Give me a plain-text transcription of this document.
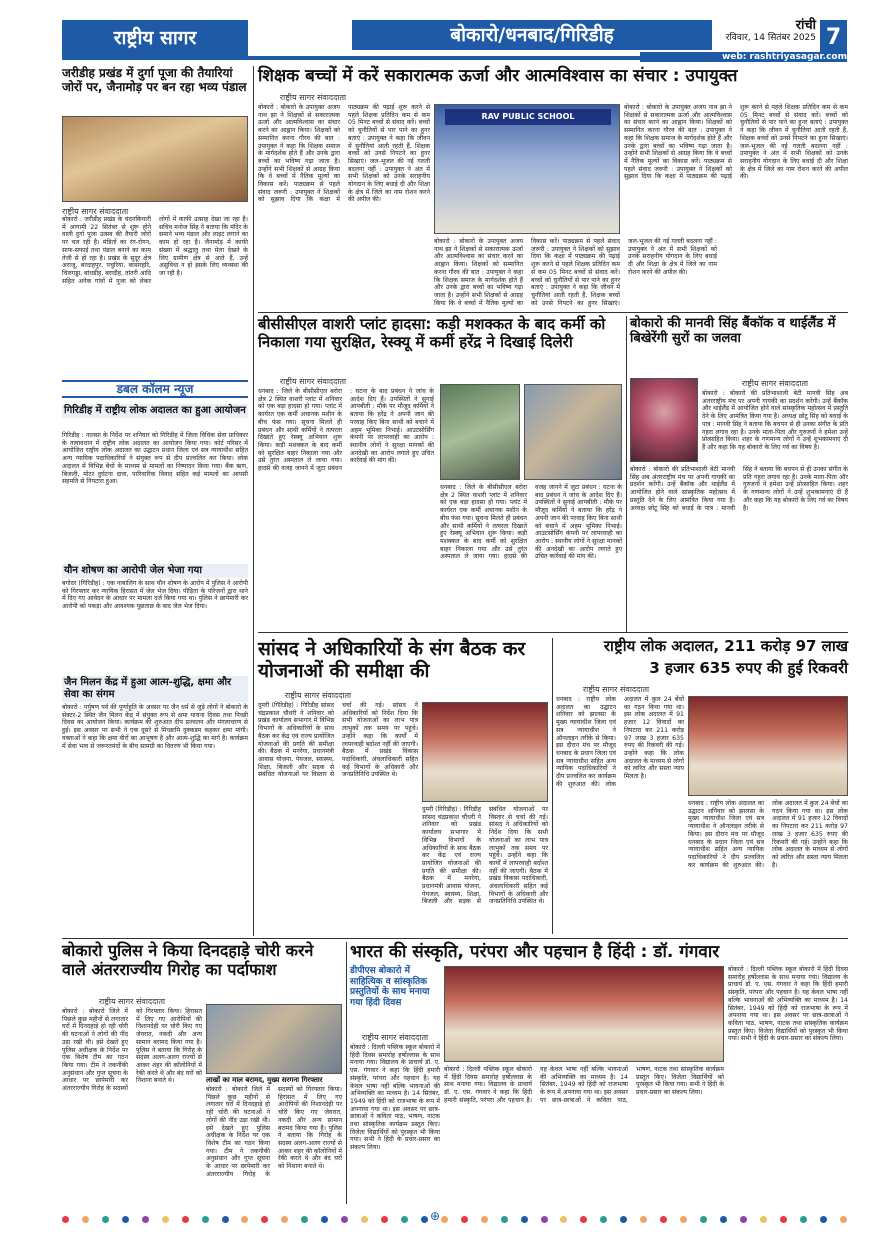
राष्ट्रीय सागर	बोकारो/धनबाद/गिरिडीह	रांची
रविवार, 14 सितंबर 2025 7
web: rashtriyasagar.com
जरीडीह प्रखंड में दुर्गा पूजा की तैयारियां जोरों पर, जैनामोड़ पर बन रहा भव्य पंडाल
राष्ट्रीय सागर संवाददाता
बोकारो : जरीडीह प्रखंड के चंदनकियारी में आगामी 22 सितंबर से शुरू होने वाली दुर्गा पूजा उत्सव की तैयारी जोरों पर चल रही है। मंडितों का रंग-रोगन, साफ-सफाई तथा पंडाल बनाने का काम तेजी से हो रहा है। प्रखंड के सुदूर क्षेत्र अराजू, बरदाहपुर, पचुरिया, कासरहरि, चिलगड्डा, बांधडीह, बरादीह, तांतरी आदि सहित अनेक गांवों में पूजा को लेकर लोगों में काफी उत्साह देखा जा रहा है। सचिव मनोज सिंह ने बताया कि मंदिर के समाने भव्य पंडाल और लाइट लगाने का काम हो रहा है। जैनामोड़ में काफी संख्या में श्रद्धालु तथा मेला देखने के लिए ग्रामीण क्षेत्र से आते हैं, उन्हें असुविधा न हो इसके लिए व्यवस्था की जा रही है।
डबल कॉलम न्यूज
गिरिडीह में राष्ट्रीय लोक अदालत का हुआ आयोजन
गिरिडीह : नालसा के निर्देश पर शनिवार को गिरिडीह में जिला विधिक सेवा प्राधिकार के तत्वावधान में राष्ट्रीय लोक अदालत का आयोजन किया गया। कोर्ट परिसर में आयोजित राष्ट्रीय लोक अदालत का उद्घाटन प्रधान जिला एवं सत्र न्यायाधीश सहित अन्य न्यायिक पदाधिकारियों ने संयुक्त रूप से दीप प्रज्वलित कर किया। लोक अदालत में विभिन्न बेंचों के माध्यम से मामलों का निष्पादन किया गया। बैंक ऋण, बिजली, मोटर दुर्घटना दावा, पारिवारिक विवाद सहित कई मामलों का आपसी सहमति से निपटारा हुआ।
यौन शोषण का आरोपी जेल भेजा गया
बगोदर (गिरिडीह) : एक नाबालिग के साथ यौन शोषण के आरोप में पुलिस ने आरोपी को गिरफ्तार कर न्यायिक हिरासत में जेल भेज दिया। पीड़िता के परिजनों द्वारा थाने में दिए गए आवेदन के आधार पर मामला दर्ज किया गया था। पुलिस ने छापेमारी कर आरोपी को पकड़ा और आवश्यक पूछताछ के बाद जेल भेज दिया।
जैन मिलन केंद्र में हुआ आत्म-शुद्धि, क्षमा और सेवा का संगम
बोकारो : पर्युषण पर्व की पूर्णाहुति के अवसर पर जैन धर्म से जुड़े लोगों ने बोकारो के सेक्टर-2 स्थित जैन मिलन केंद्र में संयुक्त रूप से क्षमा याचना दिवस तथा पिच्छी दिवस का आयोजन किया। कार्यक्रम की शुरुआत दीप प्रज्वलन और मंगलाचरण से हुई। इस अवसर पर सभी ने एक दूसरे से मिच्छामि दुक्कडम कहकर क्षमा मांगी। वक्ताओं ने कहा कि क्षमा वीरों का आभूषण है और आत्म-शुद्धि का मार्ग है। कार्यक्रम में सेवा भाव से जरूरतमंदों के बीच सामग्री का वितरण भी किया गया।
शिक्षक बच्चों में करें सकारात्मक ऊर्जा और आत्मविश्वास का संचार : उपायुक्त
राष्ट्रीय सागर संवाददाता
बोकारो : बोकारो के उपायुक्त अजय नाथ झा ने शिक्षकों से सकारात्मक ऊर्जा और आत्मविश्वास का संचार करने का आह्वान किया। शिक्षकों को सम्मानित करना गौरव की बात : उपायुक्त ने कहा कि शिक्षक समाज के मार्गदर्शक होते हैं और उनके द्वारा बच्चों का भविष्य गढ़ा जाता है। उन्होंने सभी शिक्षकों से आग्रह किया कि वे बच्चों में नैतिक मूल्यों का विकास करें। पाठ्यक्रम से पहले संवाद जरूरी : उपायुक्त ने शिक्षकों को सुझाव दिया कि कक्षा में पाठ्यक्रम की पढ़ाई शुरू करने से पहले शिक्षक प्रतिदिन कम से कम 05 मिनट बच्चों से संवाद करें। बच्चों को चुनौतियों से पार पाने का हुनर बताएं : उपायुक्त ने कहा कि जीवन में चुनौतियां आती रहती हैं, शिक्षक बच्चों को उनसे निपटने का हुनर सिखाएं। जल-भूजल की नई गलती बदलना नहीं : उपायुक्त ने अंत में सभी शिक्षकों को उनके सराहनीय योगदान के लिए बधाई दी और शिक्षा के क्षेत्र में जिले का नाम रोशन करने की अपील की।
RAV PUBLIC SCHOOL
बोकारो : बोकारो के उपायुक्त अजय नाथ झा ने शिक्षकों से सकारात्मक ऊर्जा और आत्मविश्वास का संचार करने का आह्वान किया। शिक्षकों को सम्मानित करना गौरव की बात : उपायुक्त ने कहा कि शिक्षक समाज के मार्गदर्शक होते हैं और उनके द्वारा बच्चों का भविष्य गढ़ा जाता है। उन्होंने सभी शिक्षकों से आग्रह किया कि वे बच्चों में नैतिक मूल्यों का विकास करें। पाठ्यक्रम से पहले संवाद जरूरी : उपायुक्त ने शिक्षकों को सुझाव दिया कि कक्षा में पाठ्यक्रम की पढ़ाई शुरू करने से पहले शिक्षक प्रतिदिन कम से कम 05 मिनट बच्चों से संवाद करें। बच्चों को चुनौतियों से पार पाने का हुनर बताएं : उपायुक्त ने कहा कि जीवन में चुनौतियां आती रहती हैं, शिक्षक बच्चों को उनसे निपटने का हुनर सिखाएं। जल-भूजल की नई गलती बदलना नहीं : उपायुक्त ने अंत में सभी शिक्षकों को उनके सराहनीय योगदान के लिए बधाई दी और शिक्षा के क्षेत्र में जिले का नाम रोशन करने की अपील की।
बोकारो : बोकारो के उपायुक्त अजय नाथ झा ने शिक्षकों से सकारात्मक ऊर्जा और आत्मविश्वास का संचार करने का आह्वान किया। शिक्षकों को सम्मानित करना गौरव की बात : उपायुक्त ने कहा कि शिक्षक समाज के मार्गदर्शक होते हैं और उनके द्वारा बच्चों का भविष्य गढ़ा जाता है। उन्होंने सभी शिक्षकों से आग्रह किया कि वे बच्चों में नैतिक मूल्यों का विकास करें। पाठ्यक्रम से पहले संवाद जरूरी : उपायुक्त ने शिक्षकों को सुझाव दिया कि कक्षा में पाठ्यक्रम की पढ़ाई शुरू करने से पहले शिक्षक प्रतिदिन कम से कम 05 मिनट बच्चों से संवाद करें। बच्चों को चुनौतियों से पार पाने का हुनर बताएं : उपायुक्त ने कहा कि जीवन में चुनौतियां आती रहती हैं, शिक्षक बच्चों को उनसे निपटने का हुनर सिखाएं। जल-भूजल की नई गलती बदलना नहीं : उपायुक्त ने अंत में सभी शिक्षकों को उनके सराहनीय योगदान के लिए बधाई दी और शिक्षा के क्षेत्र में जिले का नाम रोशन करने की अपील की।
बीसीसीएल वाशरी प्लांट हादसा: कड़ी मशक्कत के बाद कर्मी को निकाला गया सुरक्षित, रेस्क्यू में कर्मी हरेंद्र ने दिखाई दिलेरी
राष्ट्रीय सागर संवाददाता
धनबाद : जिले के बीसीसीएल बरोरा क्षेत्र 2 स्थित वाशरी प्लांट में शनिवार को एक बड़ा हादसा हो गया। प्लांट में कार्यरत एक कर्मी अचानक मशीन के बीच फंस गया। सूचना मिलते ही प्रबंधन और साथी कर्मियों ने तत्परता दिखाते हुए रेस्क्यू अभियान शुरू किया। कड़ी मशक्कत के बाद कर्मी को सुरक्षित बाहर निकाला गया और उसे तुरंत अस्पताल ले जाया गया। हादसे की वजह जानने में जुटा प्रबंधन : घटना के बाद प्रबंधन ने जांच के आदेश दिए हैं। उपस्थितों ने सुनाई आपबीती : मौके पर मौजूद कर्मियों ने बताया कि हरेंद्र ने अपनी जान की परवाह किए बिना साथी को बचाने में अहम भूमिका निभाई। आउटसोर्सिंग कंपनी पर लापरवाही का आरोप : स्थानीय लोगों ने सुरक्षा मानकों की अनदेखी का आरोप लगाते हुए उचित कार्रवाई की मांग की।
धनबाद : जिले के बीसीसीएल बरोरा क्षेत्र 2 स्थित वाशरी प्लांट में शनिवार को एक बड़ा हादसा हो गया। प्लांट में कार्यरत एक कर्मी अचानक मशीन के बीच फंस गया। सूचना मिलते ही प्रबंधन और साथी कर्मियों ने तत्परता दिखाते हुए रेस्क्यू अभियान शुरू किया। कड़ी मशक्कत के बाद कर्मी को सुरक्षित बाहर निकाला गया और उसे तुरंत अस्पताल ले जाया गया। हादसे की वजह जानने में जुटा प्रबंधन : घटना के बाद प्रबंधन ने जांच के आदेश दिए हैं। उपस्थितों ने सुनाई आपबीती : मौके पर मौजूद कर्मियों ने बताया कि हरेंद्र ने अपनी जान की परवाह किए बिना साथी को बचाने में अहम भूमिका निभाई। आउटसोर्सिंग कंपनी पर लापरवाही का आरोप : स्थानीय लोगों ने सुरक्षा मानकों की अनदेखी का आरोप लगाते हुए उचित कार्रवाई की मांग की।
बोकारो की मानवी सिंह बैंकॉक व थाईलैंड में बिखेरेंगी सुरों का जलवा
राष्ट्रीय सागर संवाददाता
बोकारो : बोकारो की प्रतिभाशाली बेटी मानवी सिंह अब अंतरराष्ट्रीय मंच पर अपनी गायकी का प्रदर्शन करेंगी। उन्हें बैंकॉक और थाईलैंड में आयोजित होने वाले सांस्कृतिक महोत्सव में प्रस्तुति देने के लिए आमंत्रित किया गया है। अध्यक्ष छोटू सिंह को बधाई के पात्र : मानवी सिंह ने बताया कि बचपन से ही उनका संगीत के प्रति गहरा लगाव रहा है। उनके माता-पिता और गुरुजनों ने हमेशा उन्हें प्रोत्साहित किया। शहर के गणमान्य लोगों ने उन्हें शुभकामनाएं दी हैं और कहा कि यह बोकारो के लिए गर्व का विषय है।
बोकारो : बोकारो की प्रतिभाशाली बेटी मानवी सिंह अब अंतरराष्ट्रीय मंच पर अपनी गायकी का प्रदर्शन करेंगी। उन्हें बैंकॉक और थाईलैंड में आयोजित होने वाले सांस्कृतिक महोत्सव में प्रस्तुति देने के लिए आमंत्रित किया गया है। अध्यक्ष छोटू सिंह को बधाई के पात्र : मानवी सिंह ने बताया कि बचपन से ही उनका संगीत के प्रति गहरा लगाव रहा है। उनके माता-पिता और गुरुजनों ने हमेशा उन्हें प्रोत्साहित किया। शहर के गणमान्य लोगों ने उन्हें शुभकामनाएं दी हैं और कहा कि यह बोकारो के लिए गर्व का विषय है।
सांसद ने अधिकारियों के संग बैठक कर योजनाओं की समीक्षा की
राष्ट्रीय सागर संवाददाता
दुमरी (गिरिडीह) : गिरिडीह सांसद चंद्रप्रकाश चौधरी ने शनिवार को प्रखंड कार्यालय सभागार में विभिन्न विभागों के अधिकारियों के साथ बैठक कर केंद्र एवं राज्य प्रायोजित योजनाओं की प्रगति की समीक्षा की। बैठक में मनरेगा, प्रधानमंत्री आवास योजना, पेयजल, स्वास्थ्य, शिक्षा, बिजली और सड़क से संबंधित योजनाओं पर विस्तार से चर्चा की गई। सांसद ने अधिकारियों को निर्देश दिया कि सभी योजनाओं का लाभ पात्र लाभुकों तक समय पर पहुंचे। उन्होंने कहा कि कार्यों में लापरवाही बर्दाश्त नहीं की जाएगी। बैठक में प्रखंड विकास पदाधिकारी, अंचलाधिकारी सहित कई विभागों के अधिकारी और जनप्रतिनिधि उपस्थित थे।
दुमरी (गिरिडीह) : गिरिडीह सांसद चंद्रप्रकाश चौधरी ने शनिवार को प्रखंड कार्यालय सभागार में विभिन्न विभागों के अधिकारियों के साथ बैठक कर केंद्र एवं राज्य प्रायोजित योजनाओं की प्रगति की समीक्षा की। बैठक में मनरेगा, प्रधानमंत्री आवास योजना, पेयजल, स्वास्थ्य, शिक्षा, बिजली और सड़क से संबंधित योजनाओं पर विस्तार से चर्चा की गई। सांसद ने अधिकारियों को निर्देश दिया कि सभी योजनाओं का लाभ पात्र लाभुकों तक समय पर पहुंचे। उन्होंने कहा कि कार्यों में लापरवाही बर्दाश्त नहीं की जाएगी। बैठक में प्रखंड विकास पदाधिकारी, अंचलाधिकारी सहित कई विभागों के अधिकारी और जनप्रतिनिधि उपस्थित थे।
राष्ट्रीय लोक अदालत, 211 करोड़ 97 लाख
3 हजार 635 रुपए की हुई रिकवरी
राष्ट्रीय सागर संवाददाता
धनबाद : राष्ट्रीय लोक अदालत का उद्घाटन शनिवार को झालसा के मुख्य न्यायाधीश जिला एवं सत्र न्यायाधीश ने ऑनलाइन तरीके से किया। इस दौरान मंच पर मौजूद धनबाद के प्रधान जिला एवं सत्र न्यायाधीश सहित अन्य न्यायिक पदाधिकारियों ने दीप प्रज्वलित कर कार्यक्रम की शुरुआत की। लोक अदालत में कुल 24 बेंचों का गठन किया गया था। इस लोक अदालत में 91 हजार 12 विवादों का निपटारा कर 211 करोड़ 97 लाख 3 हजार 635 रुपए की रिकवरी की गई। उन्होंने कहा कि लोक अदालत के माध्यम से लोगों को त्वरित और सस्ता न्याय मिलता है।
धनबाद : राष्ट्रीय लोक अदालत का उद्घाटन शनिवार को झालसा के मुख्य न्यायाधीश जिला एवं सत्र न्यायाधीश ने ऑनलाइन तरीके से किया। इस दौरान मंच पर मौजूद धनबाद के प्रधान जिला एवं सत्र न्यायाधीश सहित अन्य न्यायिक पदाधिकारियों ने दीप प्रज्वलित कर कार्यक्रम की शुरुआत की। लोक अदालत में कुल 24 बेंचों का गठन किया गया था। इस लोक अदालत में 91 हजार 12 विवादों का निपटारा कर 211 करोड़ 97 लाख 3 हजार 635 रुपए की रिकवरी की गई। उन्होंने कहा कि लोक अदालत के माध्यम से लोगों को त्वरित और सस्ता न्याय मिलता है।
बोकारो पुलिस ने किया दिनदहाड़े चोरी करने वाले अंतरराज्यीय गिरोह का पर्दाफाश
राष्ट्रीय सागर संवाददाता
बोकारो : बोकारो जिले में पिछले कुछ महीनों से लगातार घरों में दिनदहाड़े हो रही चोरी की घटनाओं ने लोगों की नींद उड़ा रखी थी। इसे देखते हुए पुलिस अधीक्षक के निर्देश पर एक विशेष टीम का गठन किया गया। टीम ने तकनीकी अनुसंधान और गुप्त सूचना के आधार पर छापेमारी कर अंतरराज्यीय गिरोह के सदस्यों को गिरफ्तार किया। हिरासत में लिए गए आरोपियों की निशानदेही पर चोरी किए गए जेवरात, नकदी और अन्य सामान बरामद किया गया है। पुलिस ने बताया कि गिरोह के सदस्य अलग-अलग राज्यों से आकर शहर की कॉलोनियों में रेकी करते थे और बंद घरों को निशाना बनाते थे।	लाखों का माल बरामद, मुख्य सरगना गिरफ्तार
बोकारो : बोकारो जिले में पिछले कुछ महीनों से लगातार घरों में दिनदहाड़े हो रही चोरी की घटनाओं ने लोगों की नींद उड़ा रखी थी। इसे देखते हुए पुलिस अधीक्षक के निर्देश पर एक विशेष टीम का गठन किया गया। टीम ने तकनीकी अनुसंधान और गुप्त सूचना के आधार पर छापेमारी कर अंतरराज्यीय गिरोह के सदस्यों को गिरफ्तार किया। हिरासत में लिए गए आरोपियों की निशानदेही पर चोरी किए गए जेवरात, नकदी और अन्य सामान बरामद किया गया है। पुलिस ने बताया कि गिरोह के सदस्य अलग-अलग राज्यों से आकर शहर की कॉलोनियों में रेकी करते थे और बंद घरों को निशाना बनाते थे।
भारत की संस्कृति, परंपरा और पहचान है हिंदी : डॉ. गंगवार
डीपीएस बोकारो में साहित्यिक व सांस्कृतिक प्रस्तुतियों के साथ मनाया गया हिंदी दिवस
राष्ट्रीय सागर संवाददाता
बोकारो : दिल्ली पब्लिक स्कूल बोकारो में हिंदी दिवस समारोह हर्षोल्लास के साथ मनाया गया। विद्यालय के प्राचार्य डॉ. ए. एस. गंगवार ने कहा कि हिंदी हमारी संस्कृति, परंपरा और पहचान है। यह केवल भाषा नहीं बल्कि भावनाओं की अभिव्यक्ति का माध्यम है। 14 सितंबर, 1949 को हिंदी को राजभाषा के रूप में अपनाया गया था। इस अवसर पर छात्र-छात्राओं ने कविता पाठ, भाषण, नाटक तथा सांस्कृतिक कार्यक्रम प्रस्तुत किए। विजेता विद्यार्थियों को पुरस्कृत भी किया गया। सभी ने हिंदी के प्रचार-प्रसार का संकल्प लिया।
बोकारो : दिल्ली पब्लिक स्कूल बोकारो में हिंदी दिवस समारोह हर्षोल्लास के साथ मनाया गया। विद्यालय के प्राचार्य डॉ. ए. एस. गंगवार ने कहा कि हिंदी हमारी संस्कृति, परंपरा और पहचान है। यह केवल भाषा नहीं बल्कि भावनाओं की अभिव्यक्ति का माध्यम है। 14 सितंबर, 1949 को हिंदी को राजभाषा के रूप में अपनाया गया था। इस अवसर पर छात्र-छात्राओं ने कविता पाठ, भाषण, नाटक तथा सांस्कृतिक कार्यक्रम प्रस्तुत किए। विजेता विद्यार्थियों को पुरस्कृत भी किया गया। सभी ने हिंदी के प्रचार-प्रसार का संकल्प लिया।
बोकारो : दिल्ली पब्लिक स्कूल बोकारो में हिंदी दिवस समारोह हर्षोल्लास के साथ मनाया गया। विद्यालय के प्राचार्य डॉ. ए. एस. गंगवार ने कहा कि हिंदी हमारी संस्कृति, परंपरा और पहचान है। यह केवल भाषा नहीं बल्कि भावनाओं की अभिव्यक्ति का माध्यम है। 14 सितंबर, 1949 को हिंदी को राजभाषा के रूप में अपनाया गया था। इस अवसर पर छात्र-छात्राओं ने कविता पाठ, भाषण, नाटक तथा सांस्कृतिक कार्यक्रम प्रस्तुत किए। विजेता विद्यार्थियों को पुरस्कृत भी किया गया। सभी ने हिंदी के प्रचार-प्रसार का संकल्प लिया।
⊕
